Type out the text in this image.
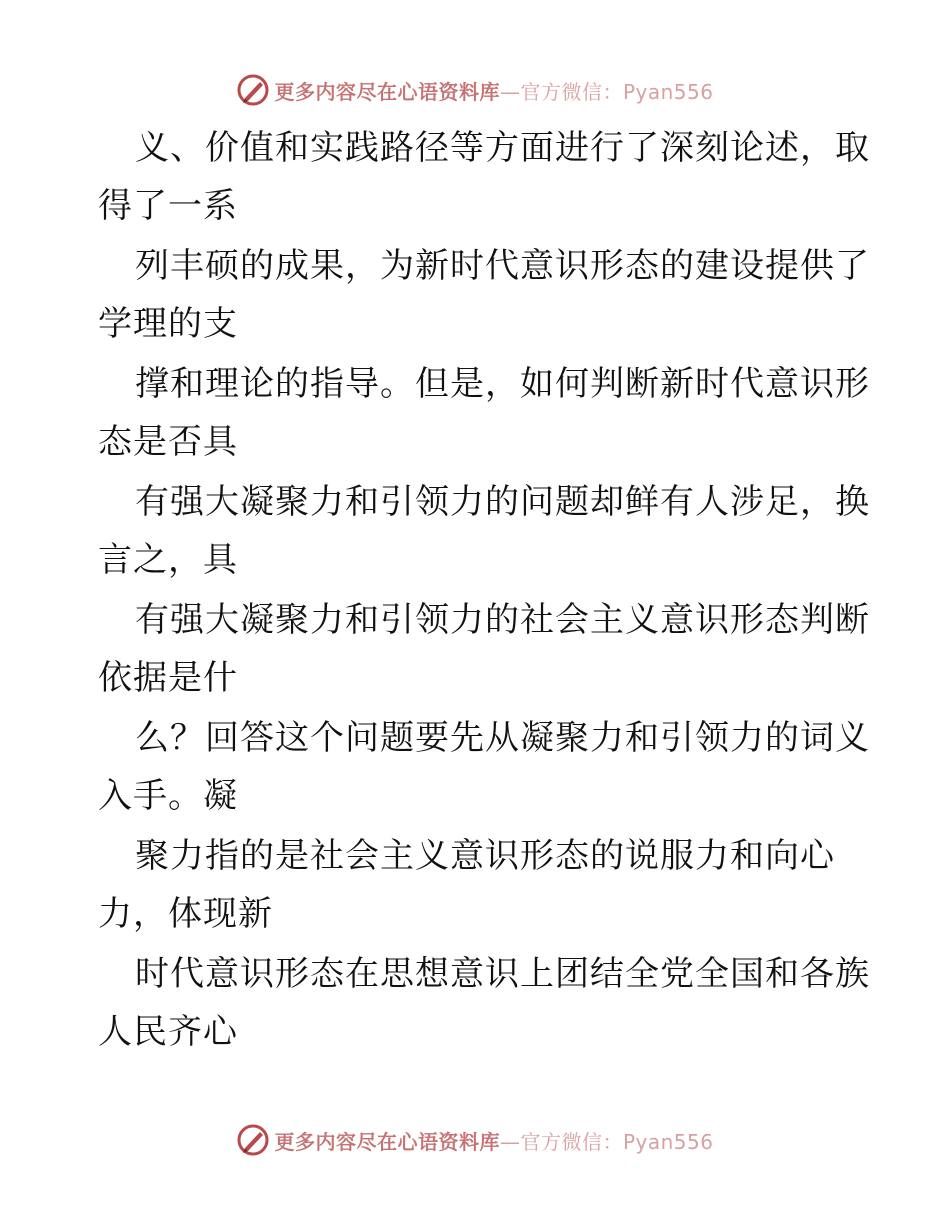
更多内容尽在心语资料库—官方微信：Pyan556
义、价值和实践路径等方面进行了深刻论述，取
得了一系
列丰硕的成果，为新时代意识形态的建设提供了
学理的支
撑和理论的指导。但是，如何判断新时代意识形
态是否具
有强大凝聚力和引领力的问题却鲜有人涉足，换
言之，具
有强大凝聚力和引领力的社会主义意识形态判断
依据是什
么？回答这个问题要先从凝聚力和引领力的词义
入手。凝
聚力指的是社会主义意识形态的说服力和向心
力，体现新
时代意识形态在思想意识上团结全党全国和各族
人民齐心
更多内容尽在心语资料库—官方微信：Pyan556
